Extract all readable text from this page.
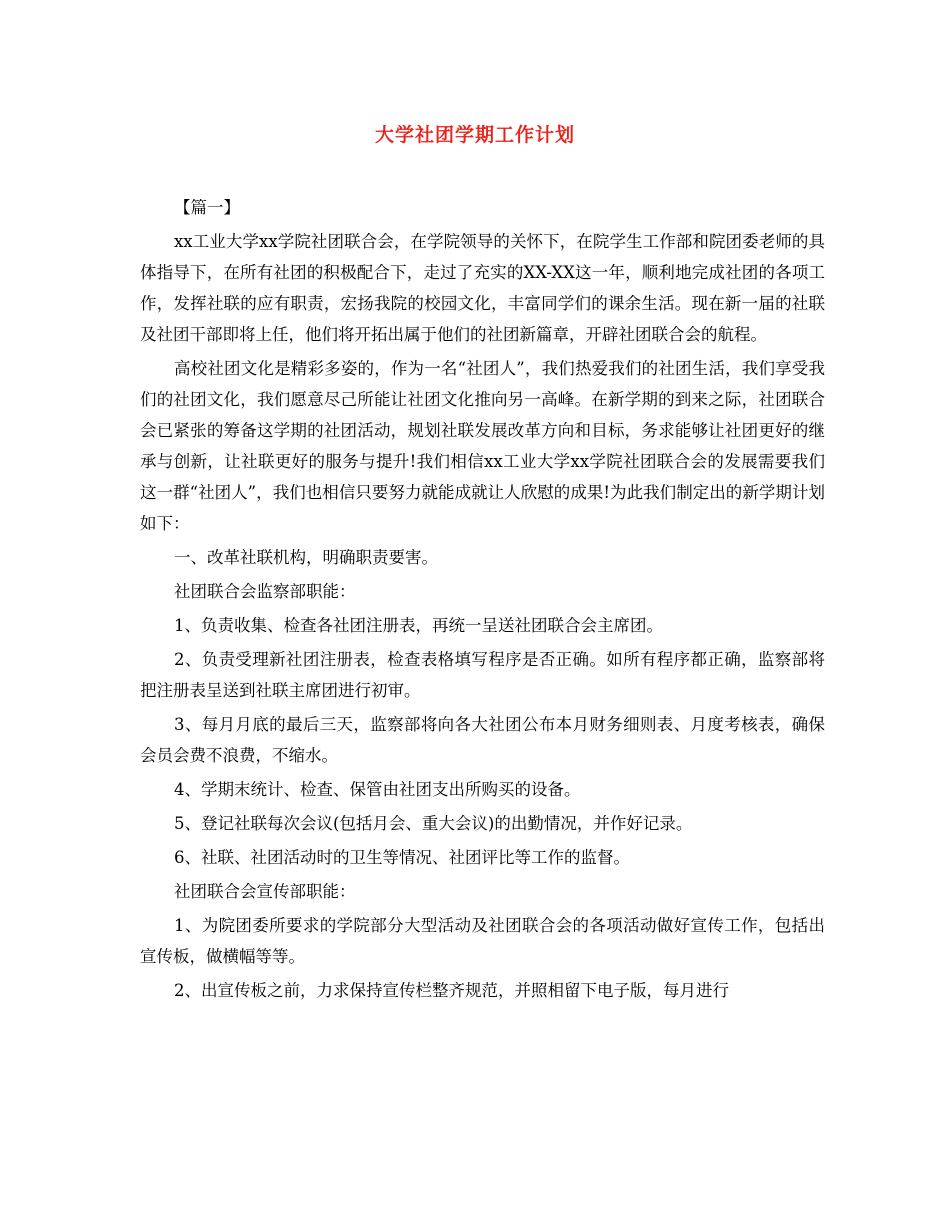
大学社团学期工作计划

【篇一】

xx工业大学xx学院社团联合会，在学院领导的关怀下，在院学生工作部和院团委老师的具体指导下，在所有社团的积极配合下，走过了充实的XX-XX这一年，顺利地完成社团的各项工作，发挥社联的应有职责，宏扬我院的校园文化，丰富同学们的课余生活。现在新一届的社联及社团干部即将上任，他们将开拓出属于他们的社团新篇章，开辟社团联合会的航程。

高校社团文化是精彩多姿的，作为一名“社团人”，我们热爱我们的社团生活，我们享受我们的社团文化，我们愿意尽己所能让社团文化推向另一高峰。在新学期的到来之际，社团联合会已紧张的筹备这学期的社团活动，规划社联发展改革方向和目标，务求能够让社团更好的继承与创新，让社联更好的服务与提升!我们相信xx工业大学xx学院社团联合会的发展需要我们这一群“社团人”，我们也相信只要努力就能成就让人欣慰的成果!为此我们制定出的新学期计划如下：

一、改革社联机构，明确职责要害。

社团联合会监察部职能：

1、负责收集、检查各社团注册表，再统一呈送社团联合会主席团。

2、负责受理新社团注册表，检查表格填写程序是否正确。如所有程序都正确，监察部将把注册表呈送到社联主席团进行初审。

3、每月月底的最后三天，监察部将向各大社团公布本月财务细则表、月度考核表，确保会员会费不浪费，不缩水。

4、学期末统计、检查、保管由社团支出所购买的设备。

5、登记社联每次会议(包括月会、重大会议)的出勤情况，并作好记录。

6、社联、社团活动时的卫生等情况、社团评比等工作的监督。

社团联合会宣传部职能：

1、为院团委所要求的学院部分大型活动及社团联合会的各项活动做好宣传工作，包括出宣传板，做横幅等等。

2、出宣传板之前，力求保持宣传栏整齐规范，并照相留下电子版，每月进行
